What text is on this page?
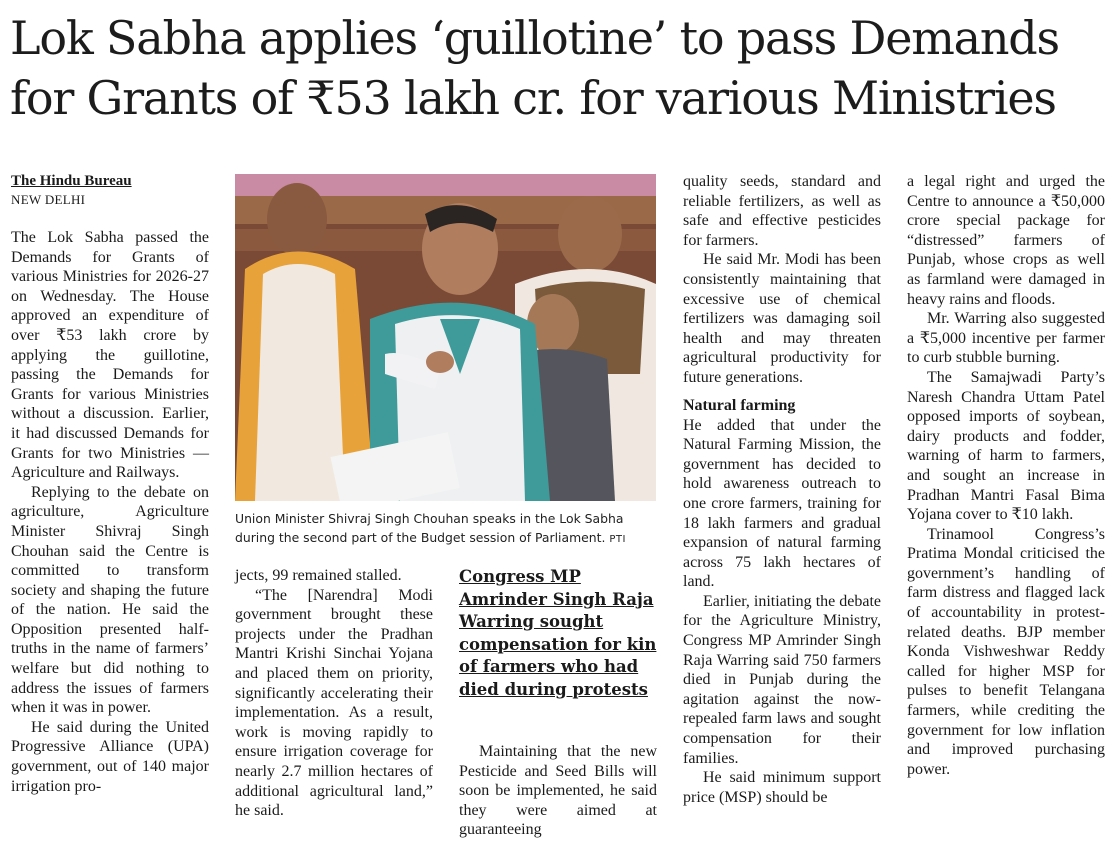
Lok Sabha applies ‘guillotine’ to pass Demands for Grants of ₹53 lakh cr. for various Ministries
The Hindu Bureau
NEW DELHI

The Lok Sabha passed the Demands for Grants of various Ministries for 2026-27 on Wednesday. The House approved an expenditure of over ₹53 lakh crore by applying the guillotine, passing the Demands for Grants for various Ministries without a discussion. Earlier, it had discussed Demands for Grants for two Ministries — Agriculture and Railways.

Replying to the debate on agriculture, Agriculture Minister Shivraj Singh Chouhan said the Centre is committed to transform society and shaping the future of the nation. He said the Opposition presented half-truths in the name of farmers’ welfare but did nothing to address the issues of farmers when it was in power.

He said during the United Progressive Alliance (UPA) government, out of 140 major irrigation pro-

Union Minister Shivraj Singh Chouhan speaks in the Lok Sabha during the second part of the Budget session of Parliament. PTI

jects, 99 remained stalled.

“The [Narendra] Modi government brought these projects under the Pradhan Mantri Krishi Sinchai Yojana and placed them on priority, significantly accelerating their implementation. As a result, work is moving rapidly to ensure irrigation coverage for nearly 2.7 million hectares of additional agricultural land,” he said.

Congress MP Amrinder Singh Raja Warring sought compensation for kin of farmers who had died during protests

Maintaining that the new Pesticide and Seed Bills will soon be implemented, he said they were aimed at guaranteeing

quality seeds, standard and reliable fertilizers, as well as safe and effective pesticides for farmers.

He said Mr. Modi has been consistently maintaining that excessive use of chemical fertilizers was damaging soil health and may threaten agricultural productivity for future generations.

Natural farming

He added that under the Natural Farming Mission, the government has decided to hold awareness outreach to one crore farmers, training for 18 lakh farmers and gradual expansion of natural farming across 75 lakh hectares of land.

Earlier, initiating the debate for the Agriculture Ministry, Congress MP Amrinder Singh Raja Warring said 750 farmers died in Punjab during the agitation against the now-repealed farm laws and sought compensation for their families.

He said minimum support price (MSP) should be

a legal right and urged the Centre to announce a ₹50,000 crore special package for “distressed” farmers of Punjab, whose crops as well as farmland were damaged in heavy rains and floods.

Mr. Warring also suggested a ₹5,000 incentive per farmer to curb stubble burning.

The Samajwadi Party’s Naresh Chandra Uttam Patel opposed imports of soybean, dairy products and fodder, warning of harm to farmers, and sought an increase in Pradhan Mantri Fasal Bima Yojana cover to ₹10 lakh.

Trinamool Congress’s Pratima Mondal criticised the government’s handling of farm distress and flagged lack of accountability in protest-related deaths. BJP member Konda Vishweshwar Reddy called for higher MSP for pulses to benefit Telangana farmers, while crediting the government for low inflation and improved purchasing power.
